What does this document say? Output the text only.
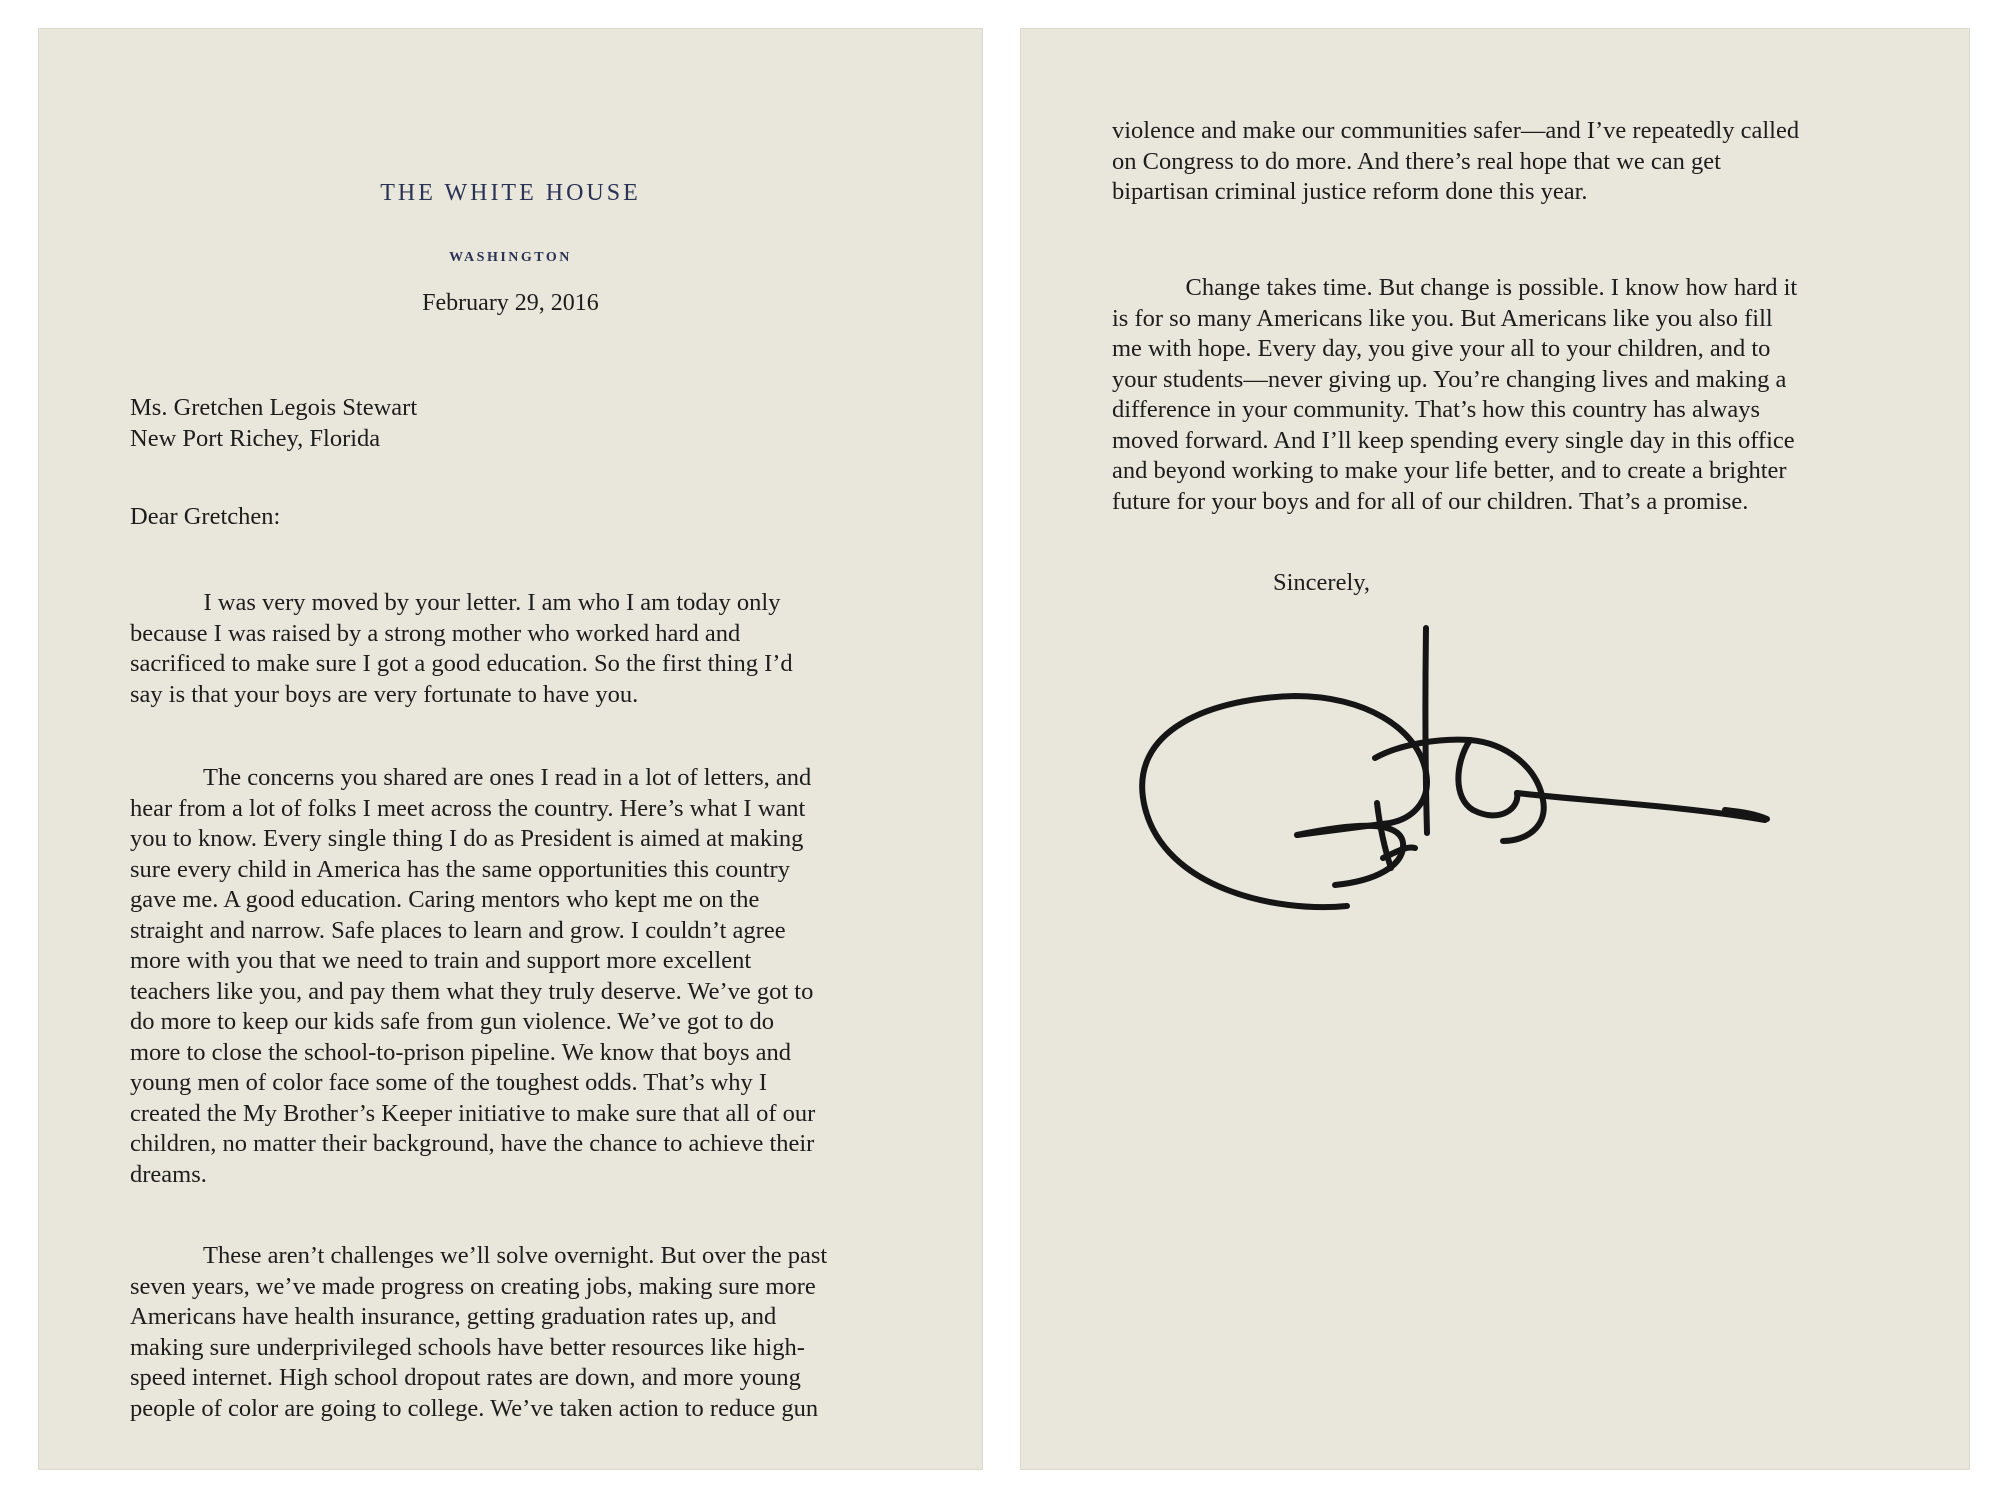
THE WHITE HOUSE
WASHINGTON
February 29, 2016
Ms. Gretchen Legois Stewart
New Port Richey, Florida
Dear Gretchen:
I was very moved by your letter. I am who I am today only
because I was raised by a strong mother who worked hard and
sacrificed to make sure I got a good education. So the first thing I’d
say is that your boys are very fortunate to have you.
The concerns you shared are ones I read in a lot of letters, and
hear from a lot of folks I meet across the country. Here’s what I want
you to know. Every single thing I do as President is aimed at making
sure every child in America has the same opportunities this country
gave me. A good education. Caring mentors who kept me on the
straight and narrow. Safe places to learn and grow. I couldn’t agree
more with you that we need to train and support more excellent
teachers like you, and pay them what they truly deserve. We’ve got to
do more to keep our kids safe from gun violence. We’ve got to do
more to close the school-to-prison pipeline. We know that boys and
young men of color face some of the toughest odds. That’s why I
created the My Brother’s Keeper initiative to make sure that all of our
children, no matter their background, have the chance to achieve their
dreams.
These aren’t challenges we’ll solve overnight. But over the past
seven years, we’ve made progress on creating jobs, making sure more
Americans have health insurance, getting graduation rates up, and
making sure underprivileged schools have better resources like high-
speed internet. High school dropout rates are down, and more young
people of color are going to college. We’ve taken action to reduce gun
violence and make our communities safer—and I’ve repeatedly called
on Congress to do more. And there’s real hope that we can get
bipartisan criminal justice reform done this year.
Change takes time. But change is possible. I know how hard it
is for so many Americans like you. But Americans like you also fill
me with hope. Every day, you give your all to your children, and to
your students—never giving up. You’re changing lives and making a
difference in your community. That’s how this country has always
moved forward. And I’ll keep spending every single day in this office
and beyond working to make your life better, and to create a brighter
future for your boys and for all of our children. That’s a promise.
Sincerely,
